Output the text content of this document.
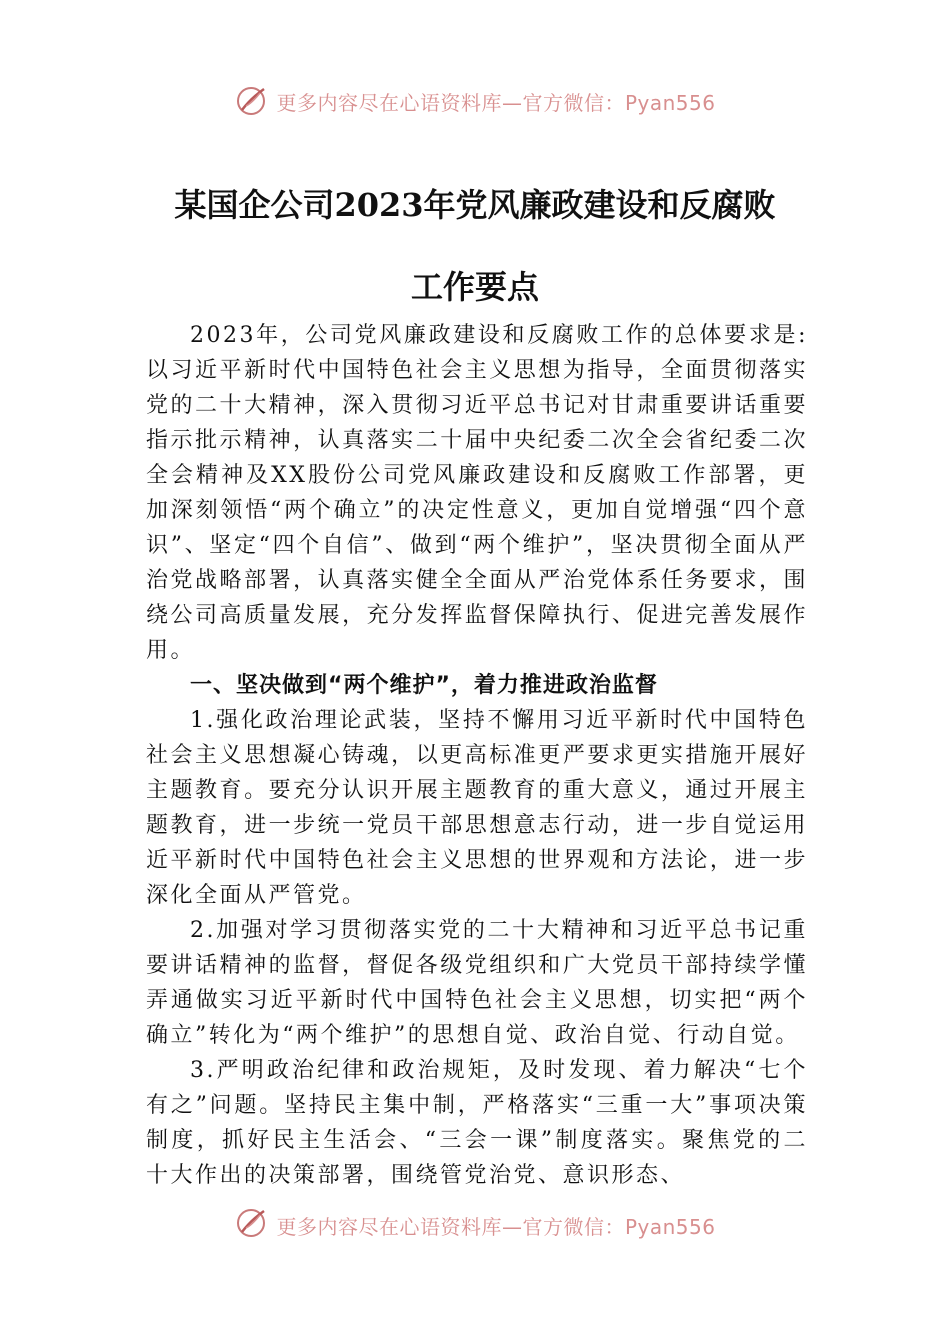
更多内容尽在心语资料库—官方微信：Pyan556
某国企公司2023年党风廉政建设和反腐败
工作要点

2023年，公司党风廉政建设和反腐败工作的总体要求是:以习近平新时代中国特色社会主义思想为指导，全面贯彻落实党的二十大精神，深入贯彻习近平总书记对甘肃重要讲话重要指示批示精神，认真落实二十届中央纪委二次全会省纪委二次全会精神及XX股份公司党风廉政建设和反腐败工作部署，更加深刻领悟“两个确立”的决定性意义，更加自觉增强“四个意识”、坚定“四个自信”、做到“两个维护”，坚决贯彻全面从严治党战略部署，认真落实健全全面从严治党体系任务要求，围绕公司高质量发展，充分发挥监督保障执行、促进完善发展作用。

一、坚决做到“两个维护”，着力推进政治监督

1.强化政治理论武装，坚持不懈用习近平新时代中国特色社会主义思想凝心铸魂，以更高标准更严要求更实措施开展好主题教育。要充分认识开展主题教育的重大意义，通过开展主题教育，进一步统一党员干部思想意志行动，进一步自觉运用近平新时代中国特色社会主义思想的世界观和方法论，进一步深化全面从严管党。

2.加强对学习贯彻落实党的二十大精神和习近平总书记重要讲话精神的监督，督促各级党组织和广大党员干部持续学懂弄通做实习近平新时代中国特色社会主义思想，切实把“两个确立”转化为“两个维护”的思想自觉、政治自觉、行动自觉。

3.严明政治纪律和政治规矩，及时发现、着力解决“七个有之”问题。坚持民主集中制，严格落实“三重一大”事项决策制度，抓好民主生活会、“三会一课”制度落实。聚焦党的二十大作出的决策部署，围绕管党治党、意识形态、

更多内容尽在心语资料库—官方微信：Pyan556
